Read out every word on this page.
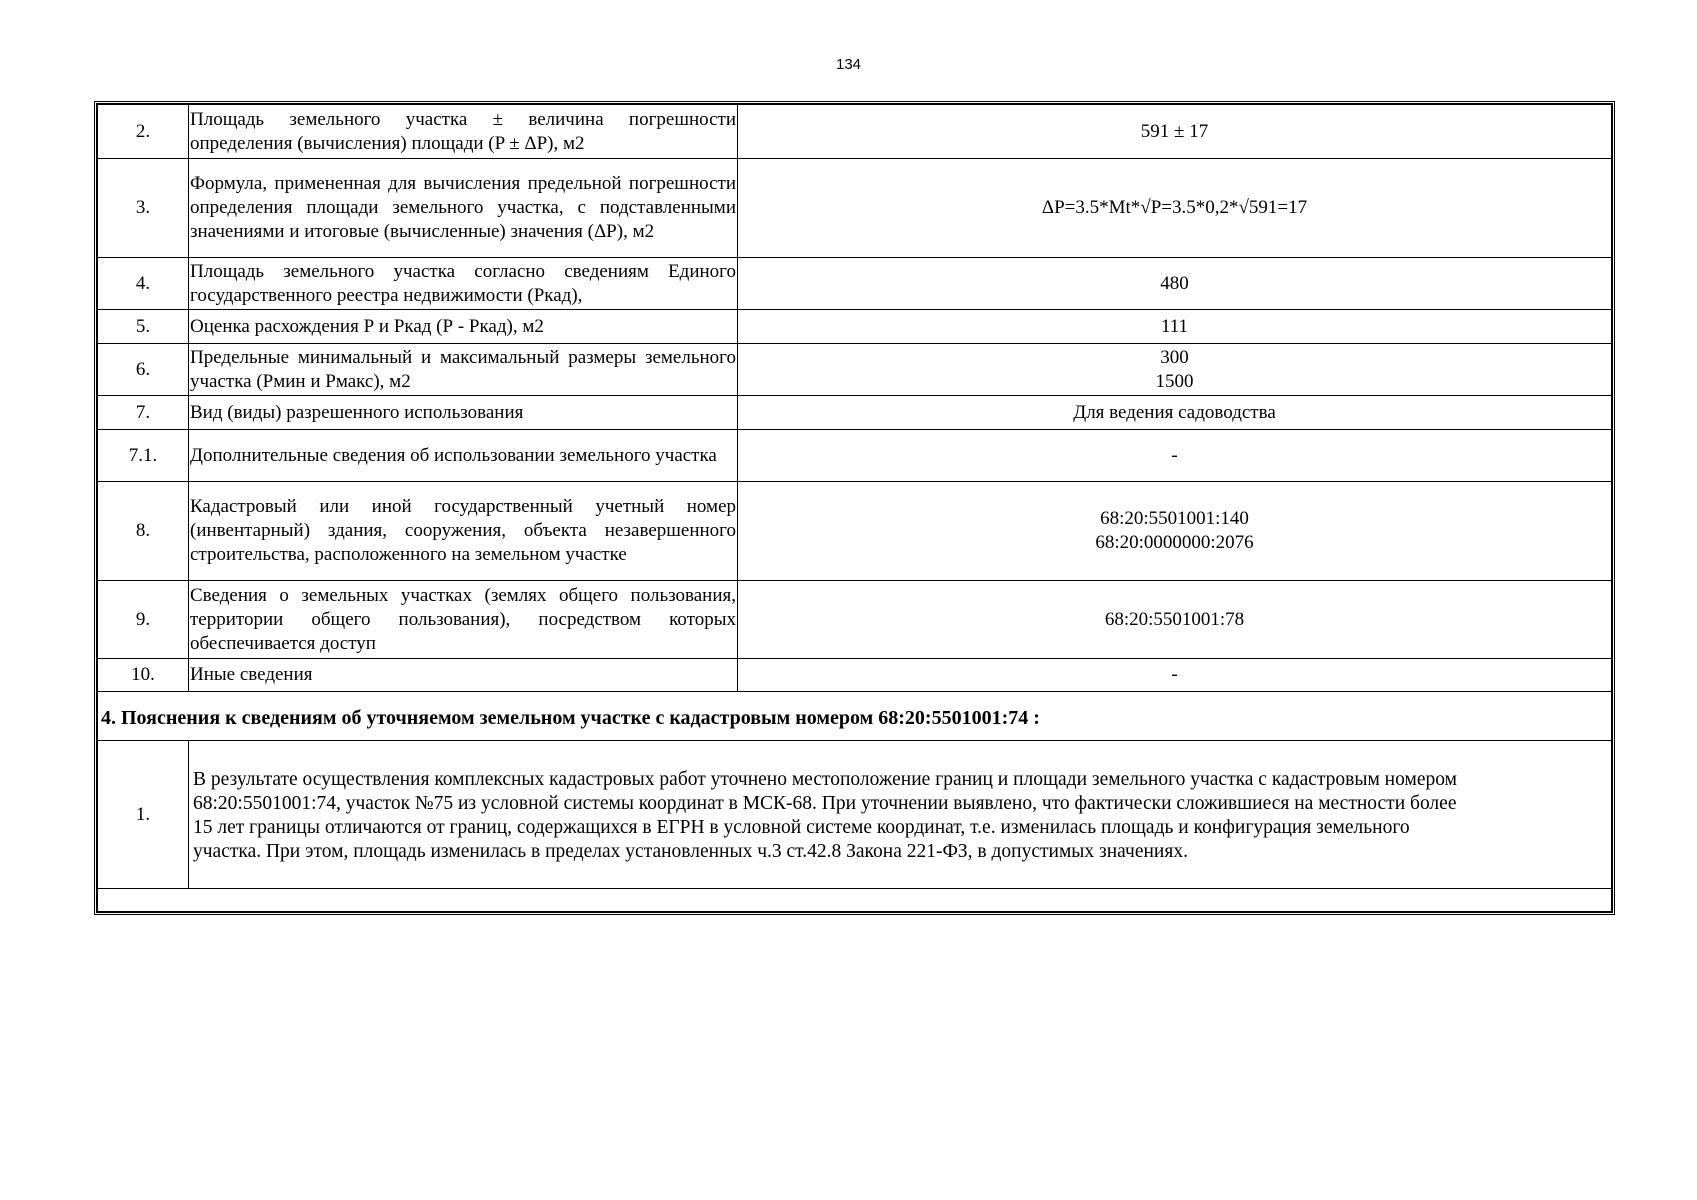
134
2.	Площадь земельного участка ± величина погрешности определения (вычисления) площади (P ± ΔP), м2	591 ± 17

3.	Формула, примененная для вычисления предельной погрешности определения площади земельного участка, с подставленными значениями и итоговые (вычисленные) значения (ΔP), м2	ΔP=3.5*Mt*√P=3.5*0,2*√591=17

4.	Площадь земельного участка согласно сведениям Единого государственного реестра недвижимости (Ркад),	480

5.	Оценка расхождения Р и Ркад (Р - Ркад), м2	111

6.	Предельные минимальный и максимальный размеры земельного участка (Рмин и Рмакс), м2	300
1500

7.	Вид (виды) разрешенного использования	Для ведения садоводства

7.1.	Дополнительные сведения об использовании земельного участка	-

8.	Кадастровый или иной государственный учетный номер (инвентарный) здания, сооружения, объекта незавершенного строительства, расположенного на земельном участке	68:20:5501001:140
68:20:0000000:2076

9.	Сведения о земельных участках (землях общего пользования, территории общего пользования), посредством которых обеспечивается доступ	68:20:5501001:78

10.	Иные сведения	-

4. Пояснения к сведениям об уточняемом земельном участке с кадастровым номером 68:20:5501001:74 :		
1.	В результате осуществления комплексных кадастровых работ уточнено местоположение границ и площади земельного участка с кадастровым номером
68:20:5501001:74, участок №75 из условной системы координат в МСК-68. При уточнении выявлено, что фактически сложившиеся на местности более
15 лет границы отличаются от границ, содержащихся в ЕГРН в условной системе координат, т.е. изменилась площадь и конфигурация земельного
участка. При этом, площадь изменилась в пределах установленных ч.3 ст.42.8 Закона 221-ФЗ, в допустимых значениях.	
